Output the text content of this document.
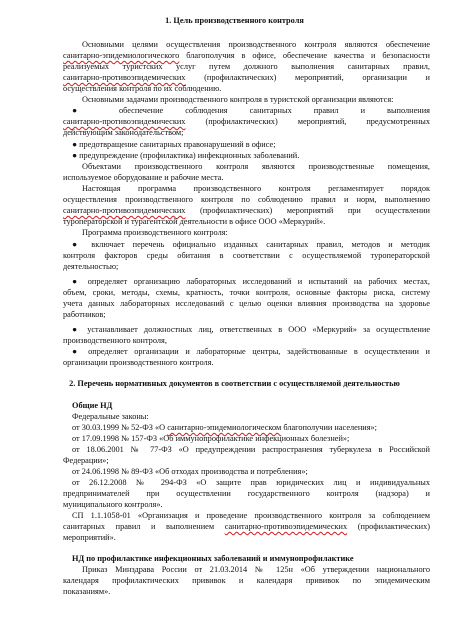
1. Цель производственного контроля
Основными целями осуществления производственного контроля являются обеспечение
санитарно-эпидемиологического благополучия в офисе, обеспечение качества и безопасности
реализуемых туристских услуг путем должного выполнения санитарных правил,
санитарно-противоэпидемических (профилактических) мероприятий, организации и
осуществления контроля по их соблюдению.
Основными задачами производственного контроля в туристской организации являются:
● обеспечение соблюдения санитарных правил и выполнения
санитарно-противоэпидемических (профилактических) мероприятий, предусмотренных
действующим законодательством;
● предотвращение санитарных правонарушений в офисе;
● предупреждение (профилактика) инфекционных заболеваний.
Объектами производственного контроля являются производственные помещения,
используемое оборудование и рабочие места.
Настоящая программа производственного контроля регламентирует порядок
осуществления производственного контроля по соблюдению правил и норм, выполнению
санитарно-противоэпидемических (профилактических) мероприятий при осуществлении
туроператорской и турагентской деятельности в офисе ООО «Меркурий».
Программа производственного контроля:
● включает перечень официально изданных санитарных правил, методов и методик
контроля факторов среды обитания в соответствии с осуществляемой туроператорской
деятельностью;
● определяет организацию лабораторных исследований и испытаний на рабочих местах,
объем, сроки, методы, схемы, кратность, точки контроля, основные факторы риска, систему
учета данных лабораторных исследований с целью оценки влияния производства на здоровье
работников;
● устанавливает должностных лиц, ответственных в ООО «Меркурий» за осуществление
производственного контроля,
● определяет организации и лабораторные центры, задействованные в осуществлении и
организации производственного контроля.
2. Перечень нормативных документов в соответствии с осуществляемой деятельностью
Общие НД
Федеральные законы:
от 30.03.1999 № 52-ФЗ «О санитарно-эпидемиологическом благополучии населения»;
от 17.09.1998 № 157-ФЗ «Об иммунопрофилактике инфекционных болезней»;
от 18.06.2001 № 77-ФЗ «О предупреждении распространения туберкулеза в Российской
Федерации»;
от 24.06.1998 № 89-ФЗ «Об отходах производства и потребления»;
от 26.12.2008 № 294-ФЗ «О защите прав юридических лиц и индивидуальных
предпринимателей при осуществлении государственного контроля (надзора) и
муниципального контроля».
СП 1.1.1058-01 «Организация и проведение производственного контроля за соблюдением
санитарных правил и выполнением санитарно-противоэпидемических (профилактических)
мероприятий».
НД по профилактике инфекционных заболеваний и иммунопрофилактике
Приказ Минздрава России от 21.03.2014 № 125н «Об утверждении национального
календаря профилактических прививок и календаря прививок по эпидемическим
показаниям».
